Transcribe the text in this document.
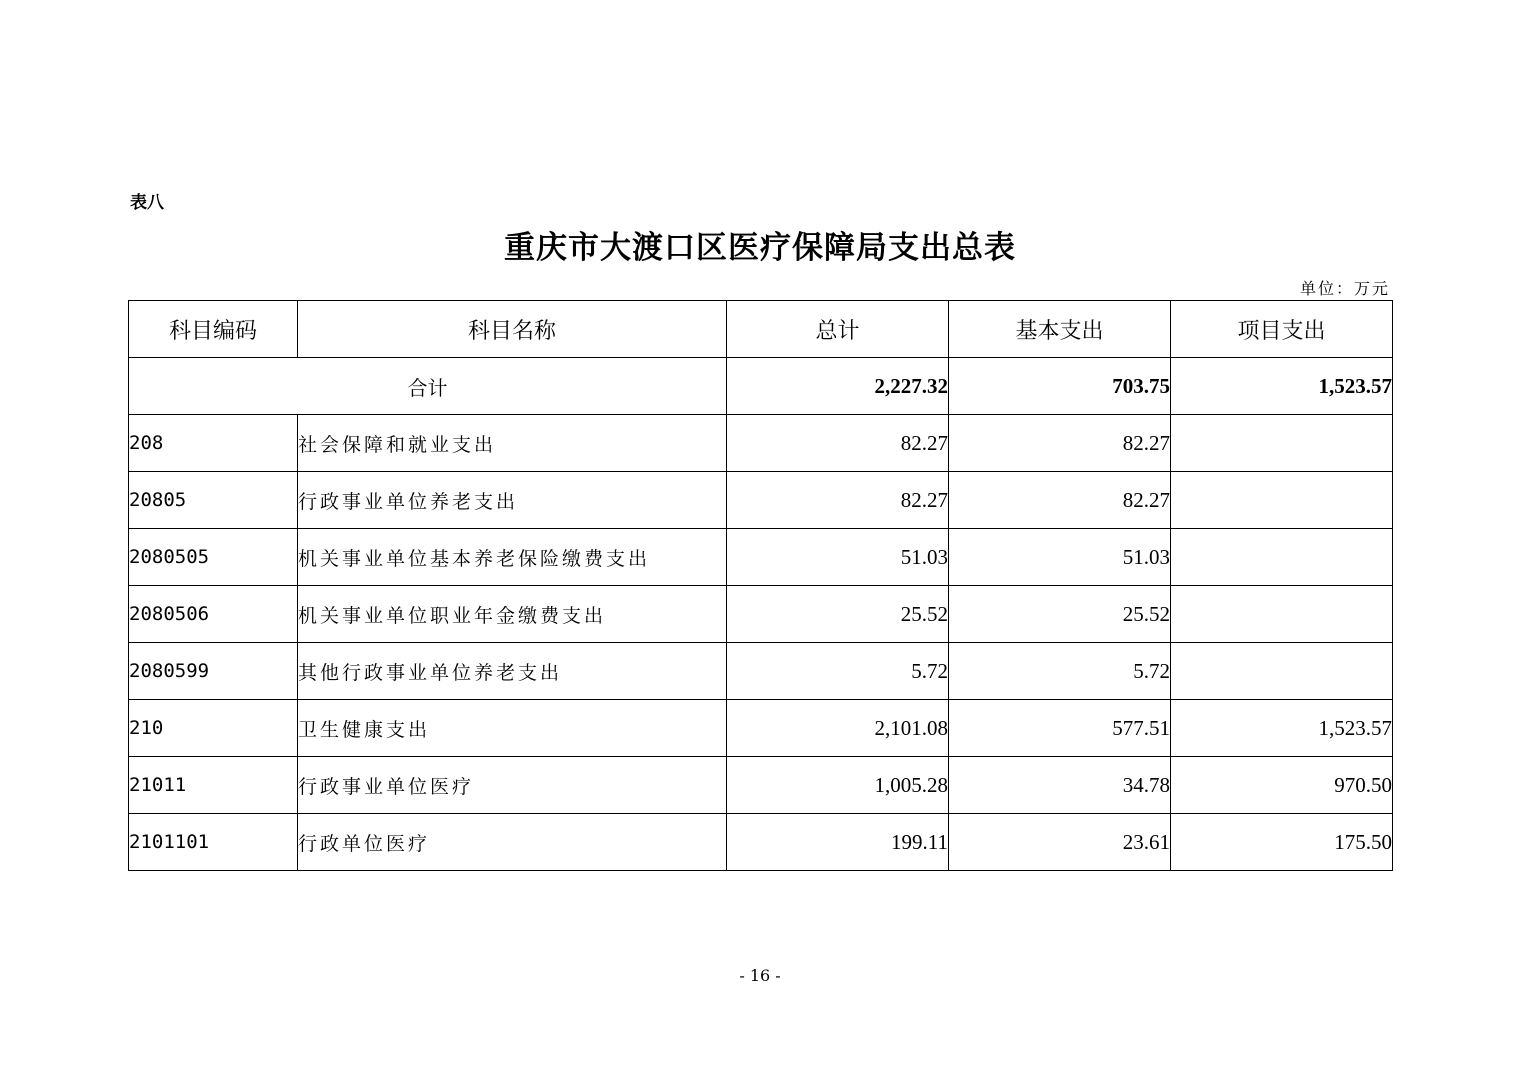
表八
重庆市大渡口区医疗保障局支出总表
单位：万元
科目编码	科目名称	总计	基本支出	项目支出
合计		2,227.32	703.75	1,523.57
208	社会保障和就业支出	82.27	82.27	
20805	行政事业单位养老支出	82.27	82.27	
2080505	机关事业单位基本养老保险缴费支出	51.03	51.03	
2080506	机关事业单位职业年金缴费支出	25.52	25.52	
2080599	其他行政事业单位养老支出	5.72	5.72	
210	卫生健康支出	2,101.08	577.51	1,523.57
21011	行政事业单位医疗	1,005.28	34.78	970.50
2101101	行政单位医疗	199.11	23.61	175.50
- 16 -
